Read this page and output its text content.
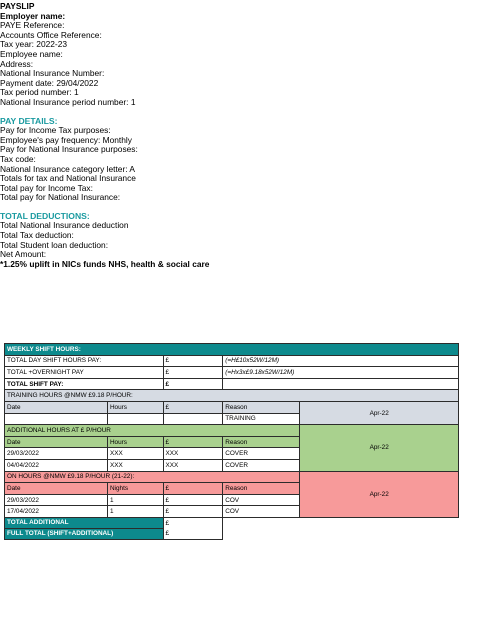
PAYSLIP
Employer name:
PAYE Reference:
Accounts Office Reference:
Tax year: 2022-23
Employee name:
Address:
National Insurance Number:
Payment date: 29/04/2022
Tax period number: 1
National Insurance period number: 1
PAY DETAILS:
Pay for Income Tax purposes:
Employee's pay frequency: Monthly
Pay for National Insurance purposes:
Tax code:
National Insurance category letter: A
Totals for tax and National Insurance
Total pay for Income Tax:
Total pay for National Insurance:
TOTAL DEDUCTIONS:
Total National Insurance deduction
Total Tax deduction:
Total Student loan deduction:
Net Amount:
*1.25% uplift in NICs funds NHS, health & social care
WEEKLY SHIFT HOURS:				
TOTAL DAY SHIFT HOURS PAY:		£	(=H£10x52W/12M)	
TOTAL +OVERNIGHT PAY		£	(=Hx3x£9.18x52W/12M)	
TOTAL SHIFT PAY:		£		
TRAINING HOURS @NMW £9.18 P/HOUR:				
Date	Hours	£	Reason	Apr-22
			TRAINING	
ADDITIONAL HOURS AT £ P/HOUR				Apr-22
Date	Hours	£	Reason	
29/03/2022	XXX	XXX	COVER	
04/04/2022	XXX	XXX	COVER	
ON HOURS @NMW £9.18 P/HOUR (21-22):				Apr-22
Date	Nights	£	Reason	
29/03/2022	1	£	COV	
17/04/2022	1	£	COV	
TOTAL ADDITIONAL		£		
FULL TOTAL (SHIFT+ADDITIONAL)		£		
